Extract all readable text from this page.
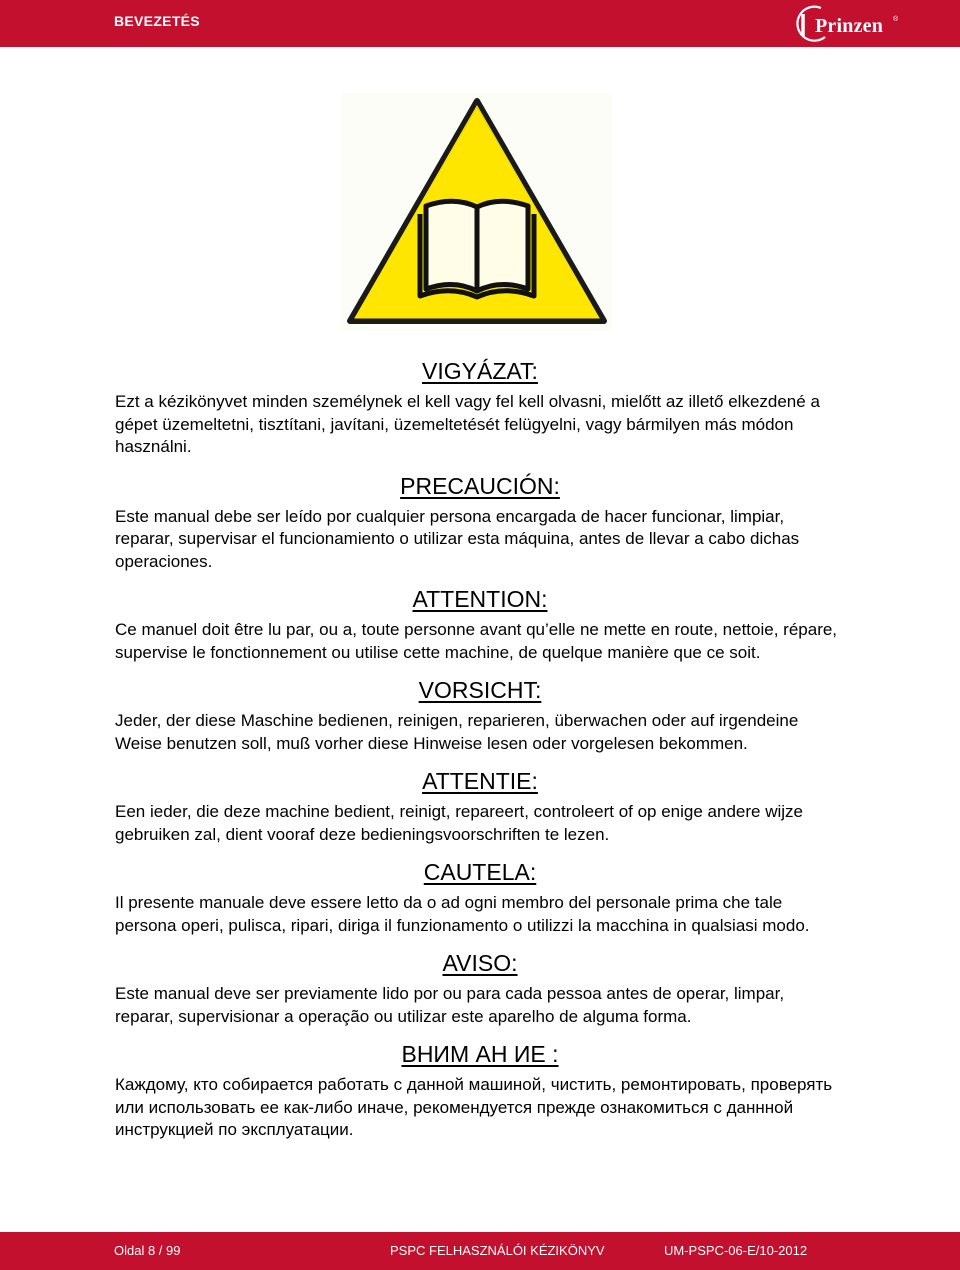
BEVEZETÉS	Prinzen ®
VIGYÁZAT:

Ezt a kézikönyvet minden személynek el kell vagy fel kell olvasni, mielőtt az illető elkezdené a gépet üzemeltetni, tisztítani, javítani, üzemeltetését felügyelni, vagy bármilyen más módon használni.

PRECAUCIÓN:

Este manual debe ser leído por cualquier persona encargada de hacer funcionar, limpiar, reparar, supervisar el funcionamiento o utilizar esta máquina, antes de llevar a cabo dichas operaciones.

ATTENTION:

Ce manuel doit être lu par, ou a, toute personne avant qu’elle ne mette en route, nettoie, répare, supervise le fonctionnement ou utilise cette machine, de quelque manière que ce soit.

VORSICHT:

Jeder, der diese Maschine bedienen, reinigen, reparieren, überwachen oder auf irgendeine Weise benutzen soll, muß vorher diese Hinweise lesen oder vorgelesen bekommen.

ATTENTIE:

Een ieder, die deze machine bedient, reinigt, repareert, controleert of op enige andere wijze gebruiken zal, dient vooraf deze bedieningsvoorschriften te lezen.

CAUTELA:

Il presente manuale deve essere letto da o ad ogni membro del personale prima che tale persona operi, pulisca, ripari, diriga il funzionamento o utilizzi la macchina in qualsiasi modo.

AVISO:

Este manual deve ser previamente lido por ou para cada pessoa antes de operar, limpar, reparar, supervisionar a operação ou utilizar este aparelho de alguma forma.

ВНИМ АН ИЕ :

Каждому, кто собирается работать с данной машиной, чистить, ремонтировать, проверять или использовать ее как-либо иначе, рекомендуется прежде ознакомиться с даннной инструкцией по эксплуатации.

Oldal 8 / 99	PSPC FELHASZNÁLÓI KÉZIKÖNYV	UM-PSPC-06-E/10-2012
